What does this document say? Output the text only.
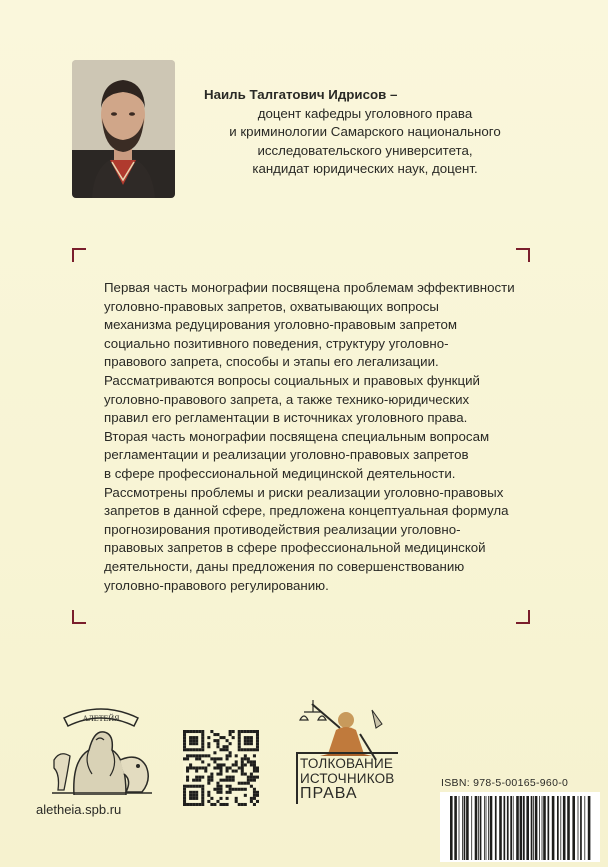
Наиль Талгатович Идрисов –
доцент кафедры уголовного права
и криминологии Самарского национального
исследовательского университета,
кандидат юридических наук, доцент.
Первая часть монографии посвящена проблемам эффективности
уголовно-правовых запретов, охватывающих вопросы
механизма редуцирования уголовно-правовым запретом
социально позитивного поведения, структуру уголовно-
правового запрета, способы и этапы его легализации.
Рассматриваются вопросы социальных и правовых функций
уголовно-правового запрета, а также технико-юридических
правил его регламентации в источниках уголовного права.
Вторая часть монографии посвящена специальным вопросам
регламентации и реализации уголовно-правовых запретов
в сфере профессиональной медицинской деятельности.
Рассмотрены проблемы и риски реализации уголовно-правовых
запретов в данной сфере, предложена концептуальная формула
прогнозирования противодействия реализации уголовно-
правовых запретов в сфере профессиональной медицинской
деятельности, даны предложения по совершенствованию
уголовно-правового регулированию.
АЛЕТЕЙЯ
aletheia.spb.ru
ТОЛКОВАНИЕ
ИСТОЧНИКОВ
ПРАВА
ISBN: 978-5-00165-960-0
